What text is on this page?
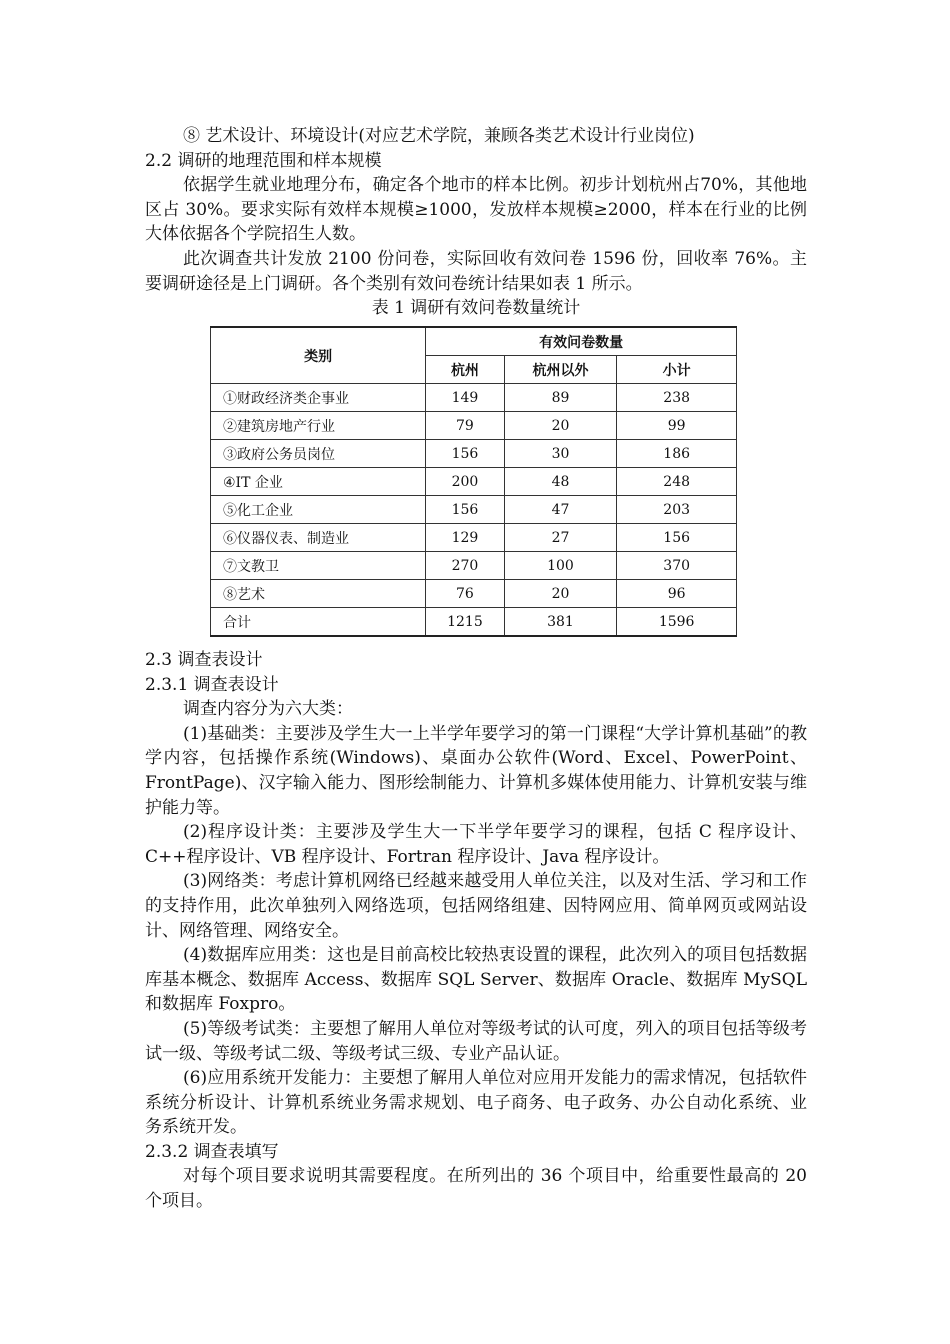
⑧ 艺术设计、环境设计(对应艺术学院，兼顾各类艺术设计行业岗位)

2.2 调研的地理范围和样本规模

依据学生就业地理分布，确定各个地市的样本比例。初步计划杭州占70%，其他地区占 30%。要求实际有效样本规模≥1000，发放样本规模≥2000，样本在行业的比例大体依据各个学院招生人数。

此次调查共计发放 2100 份问卷，实际回收有效问卷 1596 份，回收率 76%。主要调研途径是上门调研。各个类别有效问卷统计结果如表 1 所示。

表 1 调研有效问卷数量统计

类别	有效问卷数量		
	杭州	杭州以外	小计
①财政经济类企事业	149	89	238
②建筑房地产行业	79	20	99
③政府公务员岗位	156	30	186
④IT 企业	200	48	248
⑤化工企业	156	47	203
⑥仪器仪表、制造业	129	27	156
⑦文教卫	270	100	370
⑧艺术	76	20	96
合计	1215	381	1596

2.3 调查表设计

2.3.1 调查表设计

调查内容分为六大类：

(1)基础类：主要涉及学生大一上半学年要学习的第一门课程“大学计算机基础”的教学内容，包括操作系统(Windows)、桌面办公软件(Word、Excel、PowerPoint、FrontPage)、汉字输入能力、图形绘制能力、计算机多媒体使用能力、计算机安装与维护能力等。

(2)程序设计类：主要涉及学生大一下半学年要学习的课程，包括 C 程序设计、C++程序设计、VB 程序设计、Fortran 程序设计、Java 程序设计。

(3)网络类：考虑计算机网络已经越来越受用人单位关注，以及对生活、学习和工作的支持作用，此次单独列入网络选项，包括网络组建、因特网应用、简单网页或网站设计、网络管理、网络安全。

(4)数据库应用类：这也是目前高校比较热衷设置的课程，此次列入的项目包括数据库基本概念、数据库 Access、数据库 SQL Server、数据库 Oracle、数据库 MySQL 和数据库 Foxpro。

(5)等级考试类：主要想了解用人单位对等级考试的认可度，列入的项目包括等级考试一级、等级考试二级、等级考试三级、专业产品认证。

(6)应用系统开发能力：主要想了解用人单位对应用开发能力的需求情况，包括软件系统分析设计、计算机系统业务需求规划、电子商务、电子政务、办公自动化系统、业务系统开发。

2.3.2 调查表填写

对每个项目要求说明其需要程度。在所列出的 36 个项目中，给重要性最高的 20 个项目。
